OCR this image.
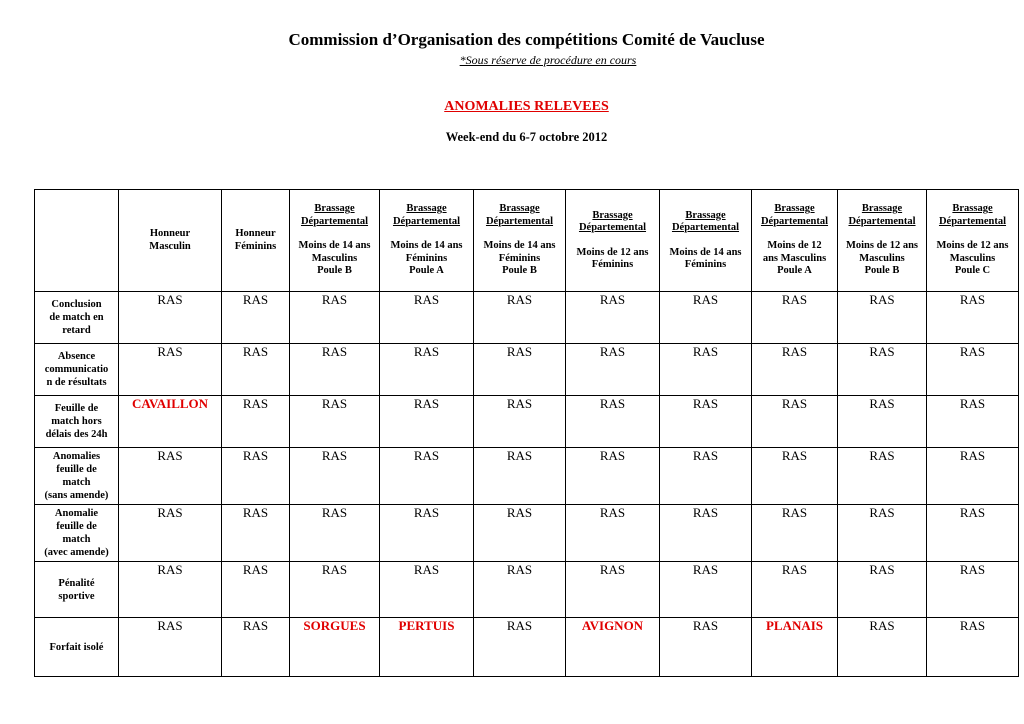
Commission d’Organisation des compétitions Comité de Vaucluse
*Sous réserve de procédure en cours
ANOMALIES RELEVEES
Week-end du 6-7 octobre 2012

	Honneur
Masculin	Honneur
Féminins	Brassage Départemental
Moins de 14 ans
Masculins
Poule B	Brassage Départemental
Moins de 14 ans
Féminins
Poule A	Brassage Départemental
Moins de 14 ans
Féminins
Poule B	Brassage Départemental
Moins de 12 ans
Féminins	Brassage Départemental
Moins de 14 ans
Féminins	Brassage Départemental
Moins de 12
ans Masculins
Poule A	Brassage Départemental
Moins de 12 ans
Masculins
Poule B	Brassage Départemental
Moins de 12 ans
Masculins
Poule C

Conclusion
de match en
retard	RAS	RAS	RAS	RAS	RAS	RAS	RAS	RAS	RAS	RAS

Absence
communicatio
n de résultats	RAS	RAS	RAS	RAS	RAS	RAS	RAS	RAS	RAS	RAS

Feuille de
match hors
délais des 24h	CAVAILLON	RAS	RAS	RAS	RAS	RAS	RAS	RAS	RAS	RAS

Anomalies
feuille de
match
(sans amende)	RAS	RAS	RAS	RAS	RAS	RAS	RAS	RAS	RAS	RAS

Anomalie
feuille de
match
(avec amende)	RAS	RAS	RAS	RAS	RAS	RAS	RAS	RAS	RAS	RAS

Pénalité
sportive	RAS	RAS	RAS	RAS	RAS	RAS	RAS	RAS	RAS	RAS

Forfait isolé	RAS	RAS	SORGUES	PERTUIS	RAS	AVIGNON	RAS	PLANAIS	RAS	RAS
